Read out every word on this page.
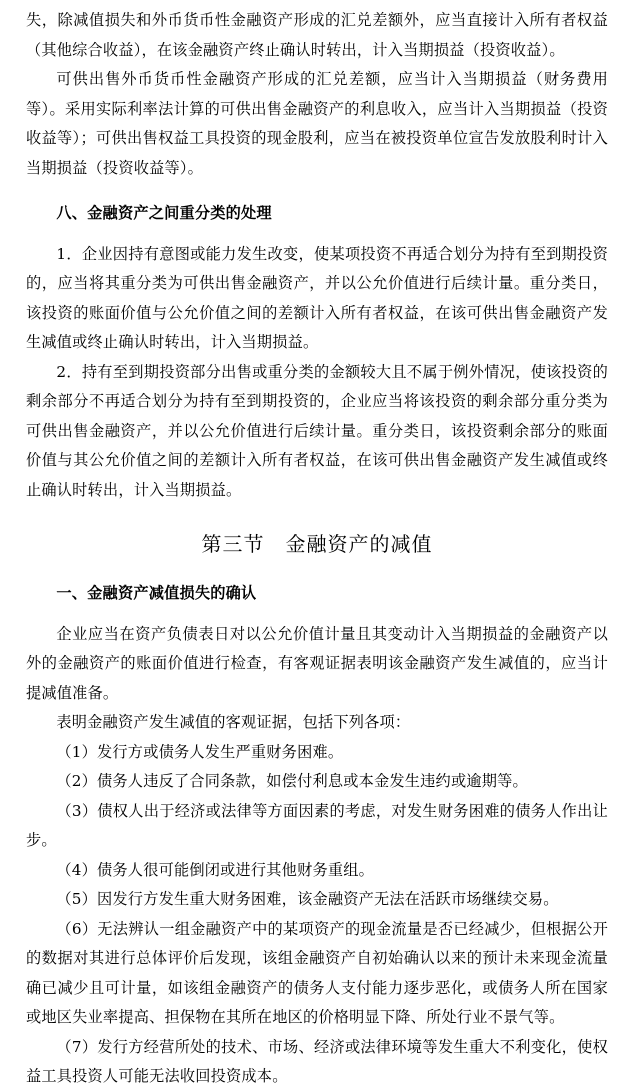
失，除减值损失和外币货币性金融资产形成的汇兑差额外，应当直接计入所有者权益（其他综合收益），在该金融资产终止确认时转出，计入当期损益（投资收益）。

可供出售外币货币性金融资产形成的汇兑差额，应当计入当期损益（财务费用等）。采用实际利率法计算的可供出售金融资产的利息收入，应当计入当期损益（投资收益等）；可供出售权益工具投资的现金股利，应当在被投资单位宣告发放股利时计入当期损益（投资收益等）。

八、金融资产之间重分类的处理

1．企业因持有意图或能力发生改变，使某项投资不再适合划分为持有至到期投资的，应当将其重分类为可供出售金融资产，并以公允价值进行后续计量。重分类日，该投资的账面价值与公允价值之间的差额计入所有者权益，在该可供出售金融资产发生减值或终止确认时转出，计入当期损益。

2．持有至到期投资部分出售或重分类的金额较大且不属于例外情况，使该投资的剩余部分不再适合划分为持有至到期投资的，企业应当将该投资的剩余部分重分类为可供出售金融资产，并以公允价值进行后续计量。重分类日，该投资剩余部分的账面价值与其公允价值之间的差额计入所有者权益，在该可供出售金融资产发生减值或终止确认时转出，计入当期损益。

第三节　金融资产的减值

一、金融资产减值损失的确认

企业应当在资产负债表日对以公允价值计量且其变动计入当期损益的金融资产以外的金融资产的账面价值进行检查，有客观证据表明该金融资产发生减值的，应当计提减值准备。

表明金融资产发生减值的客观证据，包括下列各项：

（1）发行方或债务人发生严重财务困难。

（2）债务人违反了合同条款，如偿付利息或本金发生违约或逾期等。

（3）债权人出于经济或法律等方面因素的考虑，对发生财务困难的债务人作出让步。

（4）债务人很可能倒闭或进行其他财务重组。

（5）因发行方发生重大财务困难，该金融资产无法在活跃市场继续交易。

（6）无法辨认一组金融资产中的某项资产的现金流量是否已经减少，但根据公开的数据对其进行总体评价后发现，该组金融资产自初始确认以来的预计未来现金流量确已减少且可计量，如该组金融资产的债务人支付能力逐步恶化，或债务人所在国家或地区失业率提高、担保物在其所在地区的价格明显下降、所处行业不景气等。

（7）发行方经营所处的技术、市场、经济或法律环境等发生重大不利变化，使权益工具投资人可能无法收回投资成本。
